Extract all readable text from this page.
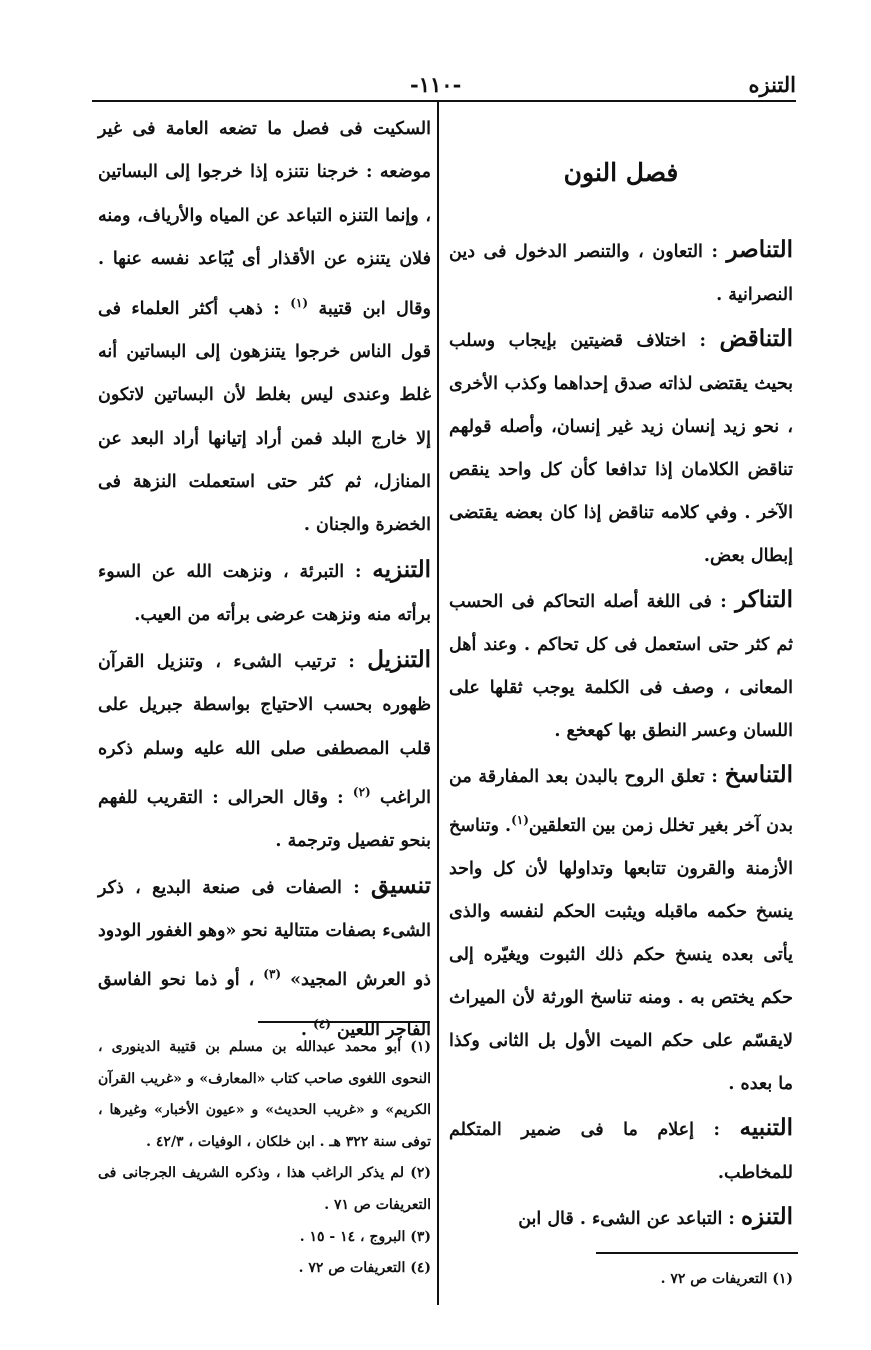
التنزه
-١١٠-

فصل النون

التناصر : التعاون ، والتنصر الدخول فى دين النصرانية .

التناقض : اختلاف قضيتين بإيجاب وسلب بحيث يقتضى لذاته صدق إحداهما وكذب الأخرى ، نحو زيد إنسان زيد غير إنسان، وأصله قولهم تناقض الكلامان إذا تدافعا كأن كل واحد ينقص الآخر . وفي كلامه تناقض إذا كان بعضه يقتضى إبطال بعض.

التناكر : فى اللغة أصله التحاكم فى الحسب ثم كثر حتى استعمل فى كل تحاكم . وعند أهل المعانى ، وصف فى الكلمة يوجب ثقلها على اللسان وعسر النطق بها كهعخع .

التناسخ : تعلق الروح بالبدن بعد المفارقة من بدن آخر بغير تخلل زمن بين التعلقين$^{(١)}$. وتناسخ الأزمنة والقرون تتابعها وتداولها لأن كل واحد ينسخ حكمه ماقبله ويثبت الحكم لنفسه والذى يأتى بعده ينسخ حكم ذلك الثبوت ويغيّره إلى حكم يختص به . ومنه تناسخ الورثة لأن الميراث لايقسّم على حكم الميت الأول بل الثانى وكذا ما بعده .

التنبيه : إعلام ما فى ضمير المتكلم للمخاطب.

التنزه : التباعد عن الشىء . قال ابن

السكيت فى فصل ما تضعه العامة فى غير موضعه : خرجنا نتنزه إذا خرجوا إلى البساتين ، وإنما التنزه التباعد عن المياه والأرياف، ومنه فلان يتنزه عن الأقذار أى يُبَاعد نفسه عنها . وقال ابن قتيبة $^{(١)}$ : ذهب أكثر العلماء فى قول الناس خرجوا يتنزهون إلى البساتين أنه غلط وعندى ليس بغلط لأن البساتين لاتكون إلا خارج البلد فمن أراد إتيانها أراد البعد عن المنازل، ثم كثر حتى استعملت النزهة فى الخضرة والجنان .

التنزيه : التبرئة ، ونزهت الله عن السوء برأته منه ونزهت عرضى برأته من العيب.

التنزيل : ترتيب الشىء ، وتنزيل القرآن ظهوره بحسب الاحتياج بواسطة جبريل على قلب المصطفى صلى الله عليه وسلم ذكره الراغب $^{(٢)}$ : وقال الحرالى : التقريب للفهم بنحو تفصيل وترجمة .

تنسيق : الصفات فى صنعة البديع ، ذكر الشىء بصفات متتالية نحو «وهو الغفور الودود ذو العرش المجيد» $^{(٣)}$ ، أو ذما نحو الفاسق الفاجر اللعين $^{(٤)}$ .

(١) أبو محمد عبدالله بن مسلم بن قتيبة الدينورى ، النحوى اللغوى صاحب كتاب «المعارف» و «غريب القرآن الكريم» و «غريب الحديث» و «عيون الأخبار» وغيرها ، توفى سنة ٣٢٢ هـ . ابن خلكان ، الوفيات ، ٤٢/٣ .

(٢) لم يذكر الراغب هذا ، وذكره الشريف الجرجانى فى التعريفات ص ٧١ .

(٣) البروج ، ١٤ - ١٥ .

(٤) التعريفات ص ٧٢ .

(١) التعريفات ص ٧٢ .
